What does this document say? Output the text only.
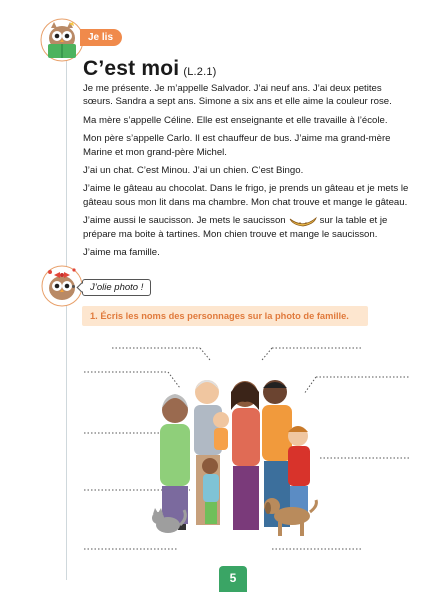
Je lis
C’est moi (L.2.1)

Je me présente. Je m’appelle Salvador. J’ai neuf ans. J’ai deux petites sœurs. Sandra a sept ans. Simone a six ans et elle aime la couleur rose.

Ma mère s’appelle Céline. Elle est enseignante et elle travaille à l’école.

Mon père s’appelle Carlo. Il est chauffeur de bus. J’aime ma grand-mère Marine et mon grand-père Michel.

J’ai un chat. C’est Minou. J’ai un chien. C’est Bingo.

J’aime le gâteau au chocolat. Dans le frigo, je prends un gâteau et je mets le gâteau sous mon lit dans ma chambre. Mon chat trouve et mange le gâteau.

J’aime aussi le saucisson. Je mets le saucisson	sur la table et je prépare ma boite à tartines. Mon chien trouve et mange le saucisson.

J’aime ma famille.

J’olie photo !
1. Écris les noms des personnages sur la photo de famille.
5
